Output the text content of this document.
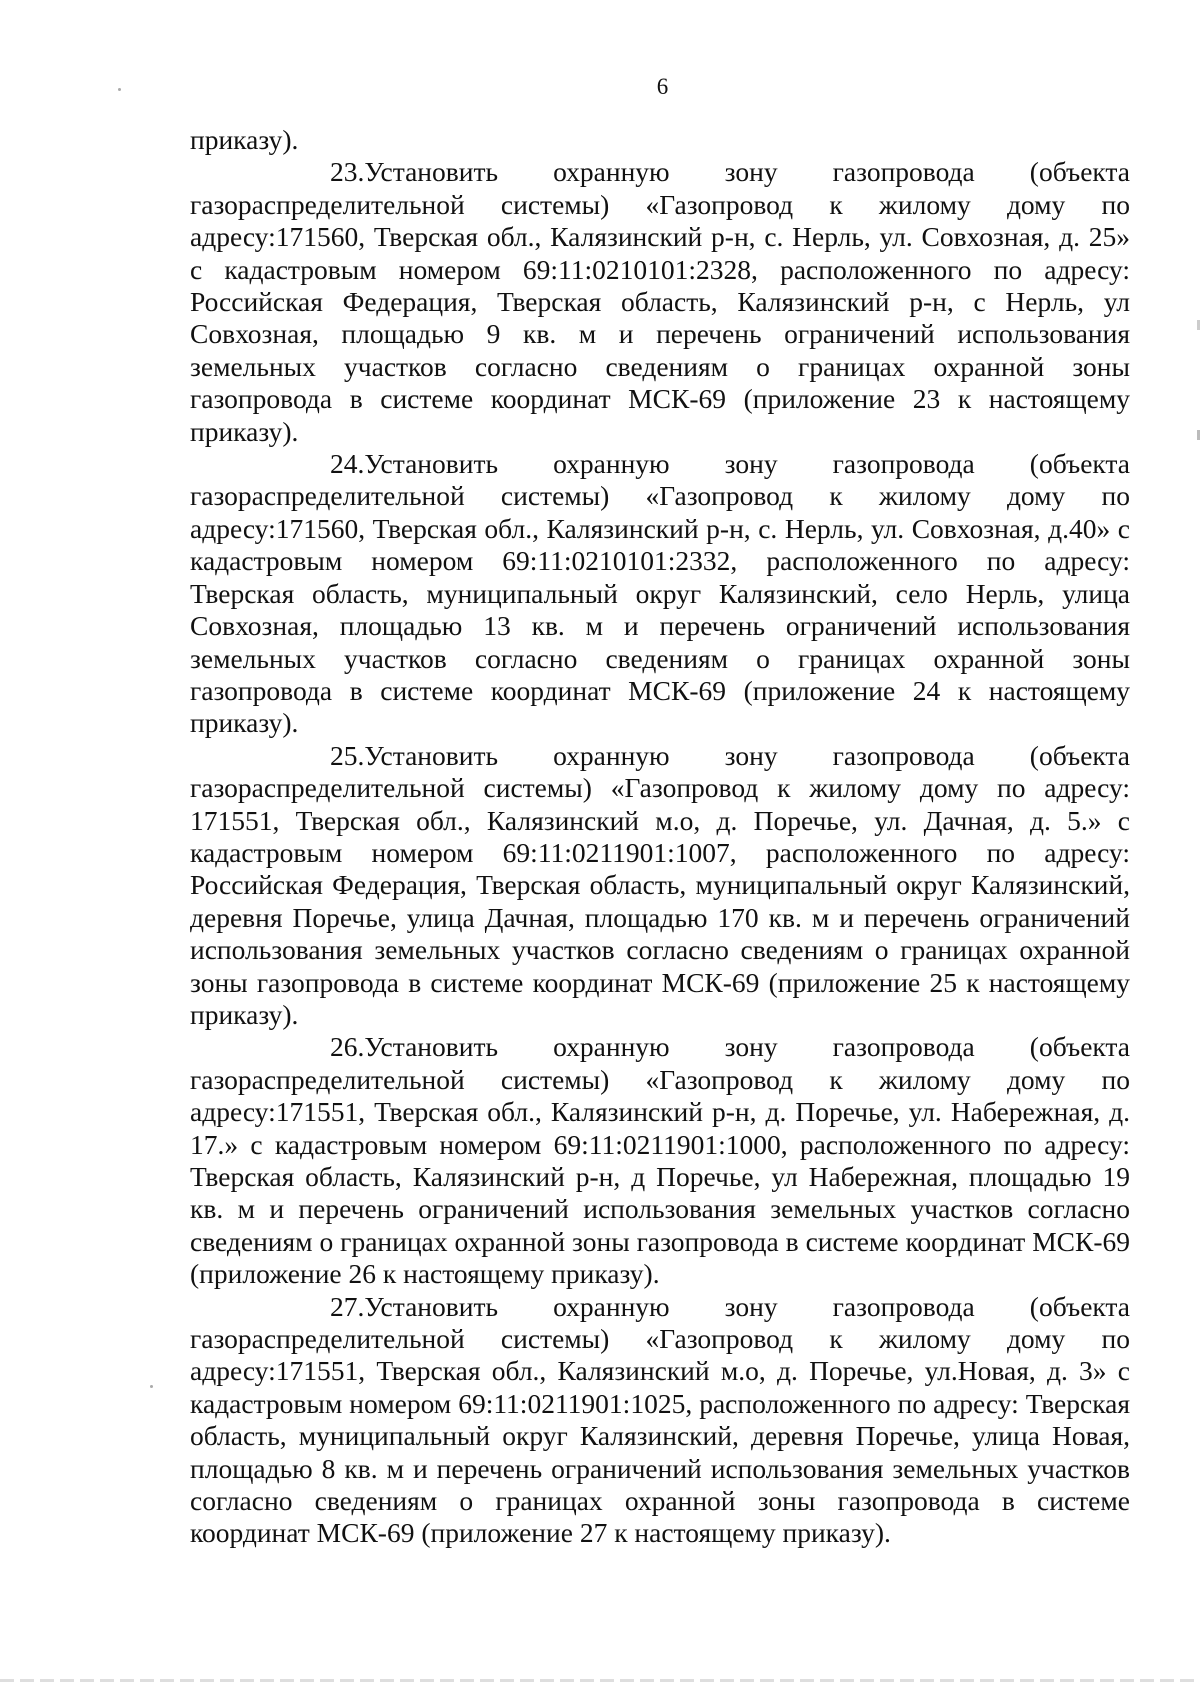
6

приказу).

23.Установить охранную зону газопровода (объекта газораспределительной системы) «Газопровод к жилому дому по адресу:171560, Тверская обл., Калязинский р-н, с. Нерль, ул. Совхозная, д. 25» с кадастровым номером 69:11:0210101:2328, расположенного по адресу: Российская Федерация, Тверская область, Калязинский р-н, с Нерль, ул Совхозная, площадью 9 кв. м и перечень ограничений использования земельных участков согласно сведениям о границах охранной зоны газопровода в системе координат МСК-69 (приложение 23 к настоящему приказу).

24.Установить охранную зону газопровода (объекта газораспределительной системы) «Газопровод к жилому дому по адресу:171560, Тверская обл., Калязинский р-н, с. Нерль, ул. Совхозная, д.40» с кадастровым номером 69:11:0210101:2332, расположенного по адресу: Тверская область, муниципальный округ Калязинский, село Нерль, улица Совхозная, площадью 13 кв. м и перечень ограничений использования земельных участков согласно сведениям о границах охранной зоны газопровода в системе координат МСК-69 (приложение 24 к настоящему приказу).

25.Установить охранную зону газопровода (объекта газораспределительной системы) «Газопровод к жилому дому по адресу: 171551, Тверская обл., Калязинский м.о, д. Поречье, ул. Дачная, д. 5.» с кадастровым номером 69:11:0211901:1007, расположенного по адресу: Российская Федерация, Тверская область, муниципальный округ Калязинский, деревня Поречье, улица Дачная, площадью 170 кв. м и перечень ограничений использования земельных участков согласно сведениям о границах охранной зоны газопровода в системе координат МСК-69 (приложение 25 к настоящему приказу).

26.Установить охранную зону газопровода (объекта газораспределительной системы) «Газопровод к жилому дому по адресу:171551, Тверская обл., Калязинский р-н, д. Поречье, ул. Набережная, д. 17.» с кадастровым номером 69:11:0211901:1000, расположенного по адресу: Тверская область, Калязинский р-н, д Поречье, ул Набережная, площадью 19 кв. м и перечень ограничений использования земельных участков согласно сведениям о границах охранной зоны газопровода в системе координат МСК-69 (приложение 26 к настоящему приказу).

27.Установить охранную зону газопровода (объекта газораспределительной системы) «Газопровод к жилому дому по адресу:171551, Тверская обл., Калязинский м.о, д. Поречье, ул.Новая, д. 3» с кадастровым номером 69:11:0211901:1025, расположенного по адресу: Тверская область, муниципальный округ Калязинский, деревня Поречье, улица Новая, площадью 8 кв. м и перечень ограничений использования земельных участков согласно сведениям о границах охранной зоны газопровода в системе координат МСК-69 (приложение 27 к настоящему приказу).
